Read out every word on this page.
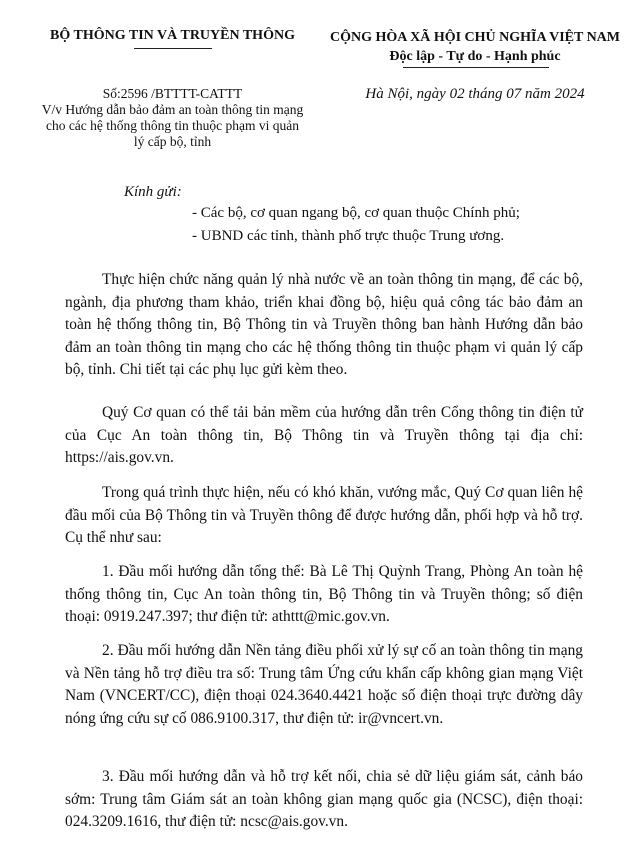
BỘ THÔNG TIN VÀ TRUYỀN THÔNG	CỘNG HÒA XÃ HỘI CHỦ NGHĨA VIỆT NAM
Độc lập - Tự do - Hạnh phúc
Số:2596 /BTTTT-CATTT
V/v Hướng dẫn bảo đảm an toàn thông tin mạng cho các hệ thống thông tin thuộc phạm vi quản lý cấp bộ, tỉnh
Hà Nội, ngày 02 tháng 07 năm 2024
Kính gửi:
- Các bộ, cơ quan ngang bộ, cơ quan thuộc Chính phủ;
- UBND các tỉnh, thành phố trực thuộc Trung ương.
Thực hiện chức năng quản lý nhà nước về an toàn thông tin mạng, để các bộ, ngành, địa phương tham khảo, triển khai đồng bộ, hiệu quả công tác bảo đảm an toàn hệ thống thông tin, Bộ Thông tin và Truyền thông ban hành Hướng dẫn bảo đảm an toàn thông tin mạng cho các hệ thống thông tin thuộc phạm vi quản lý cấp bộ, tỉnh. Chi tiết tại các phụ lục gửi kèm theo.
Quý Cơ quan có thể tải bản mềm của hướng dẫn trên Cổng thông tin điện tử của Cục An toàn thông tin, Bộ Thông tin và Truyền thông tại địa chỉ: https://ais.gov.vn.
Trong quá trình thực hiện, nếu có khó khăn, vướng mắc, Quý Cơ quan liên hệ đầu mối của Bộ Thông tin và Truyền thông để được hướng dẫn, phối hợp và hỗ trợ. Cụ thể như sau:
1. Đầu mối hướng dẫn tổng thể: Bà Lê Thị Quỳnh Trang, Phòng An toàn hệ thống thông tin, Cục An toàn thông tin, Bộ Thông tin và Truyền thông; số điện thoại: 0919.247.397; thư điện tử: athttt@mic.gov.vn.
2. Đầu mối hướng dẫn Nền tảng điều phối xử lý sự cố an toàn thông tin mạng và Nền tảng hỗ trợ điều tra số: Trung tâm Ứng cứu khẩn cấp không gian mạng Việt Nam (VNCERT/CC), điện thoại 024.3640.4421 hoặc số điện thoại trực đường dây nóng ứng cứu sự cố 086.9100.317, thư điện tử: ir@vncert.vn.
3. Đầu mối hướng dẫn và hỗ trợ kết nối, chia sẻ dữ liệu giám sát, cảnh báo sớm: Trung tâm Giám sát an toàn không gian mạng quốc gia (NCSC), điện thoại: 024.3209.1616, thư điện tử: ncsc@ais.gov.vn.
